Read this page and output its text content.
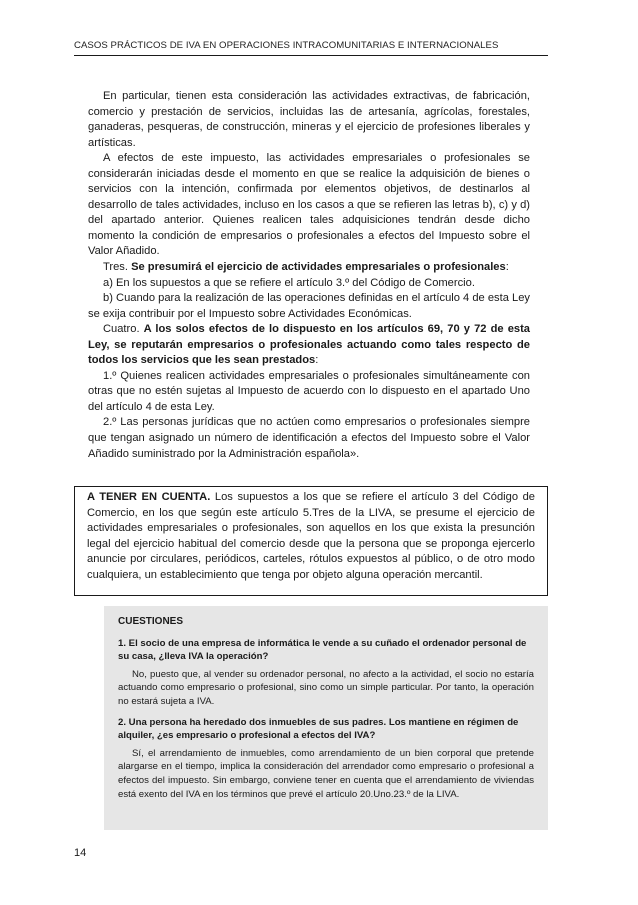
CASOS PRÁCTICOS DE IVA EN OPERACIONES INTRACOMUNITARIAS E INTERNACIONALES

En particular, tienen esta consideración las actividades extractivas, de fabricación, comercio y prestación de servicios, incluidas las de artesanía, agrícolas, forestales, ganaderas, pesqueras, de construcción, mineras y el ejercicio de profesiones liberales y artísticas.

A efectos de este impuesto, las actividades empresariales o profesionales se considerarán iniciadas desde el momento en que se realice la adquisición de bienes o servicios con la intención, confirmada por elementos objetivos, de destinarlos al desarrollo de tales actividades, incluso en los casos a que se refieren las letras b), c) y d) del apartado anterior. Quienes realicen tales adquisiciones tendrán desde dicho momento la condición de empresarios o profesionales a efectos del Impuesto sobre el Valor Añadido.

Tres. Se presumirá el ejercicio de actividades empresariales o profesionales:

a) En los supuestos a que se refiere el artículo 3.º del Código de Comercio.

b) Cuando para la realización de las operaciones definidas en el artículo 4 de esta Ley se exija contribuir por el Impuesto sobre Actividades Económicas.

Cuatro. A los solos efectos de lo dispuesto en los artículos 69, 70 y 72 de esta Ley, se reputarán empresarios o profesionales actuando como tales respecto de todos los servicios que les sean prestados:

1.º Quienes realicen actividades empresariales o profesionales simultáneamente con otras que no estén sujetas al Impuesto de acuerdo con lo dispuesto en el apartado Uno del artículo 4 de esta Ley.

2.º Las personas jurídicas que no actúen como empresarios o profesionales siempre que tengan asignado un número de identificación a efectos del Impuesto sobre el Valor Añadido suministrado por la Administración española».

A TENER EN CUENTA. Los supuestos a los que se refiere el artículo 3 del Código de Comercio, en los que según este artículo 5.Tres de la LIVA, se presume el ejercicio de actividades empresariales o profesionales, son aquellos en los que exista la presunción legal del ejercicio habitual del comercio desde que la persona que se proponga ejercerlo anuncie por circulares, periódicos, carteles, rótulos expuestos al público, o de otro modo cualquiera, un establecimiento que tenga por objeto alguna operación mercantil.
CUESTIONES
1. El socio de una empresa de informática le vende a su cuñado el ordenador personal de su casa, ¿lleva IVA la operación?
No, puesto que, al vender su ordenador personal, no afecto a la actividad, el socio no estaría actuando como empresario o profesional, sino como un simple particular. Por tanto, la operación no estará sujeta a IVA.
2. Una persona ha heredado dos inmuebles de sus padres. Los mantiene en régimen de alquiler, ¿es empresario o profesional a efectos del IVA?
Sí, el arrendamiento de inmuebles, como arrendamiento de un bien corporal que pretende alargarse en el tiempo, implica la consideración del arrendador como empresario o profesional a efectos del impuesto. Sin embargo, conviene tener en cuenta que el arrendamiento de viviendas está exento del IVA en los términos que prevé el artículo 20.Uno.23.º de la LIVA.
14
